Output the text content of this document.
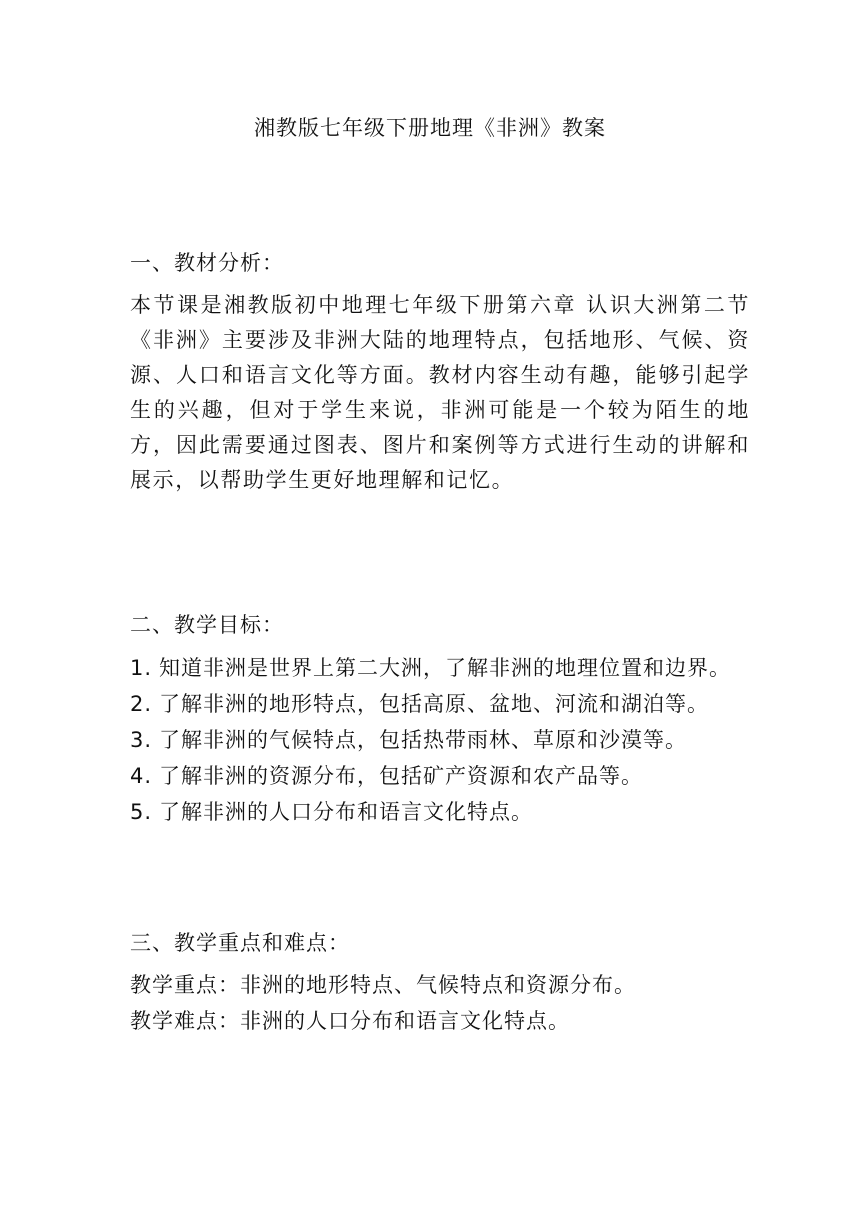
湘教版七年级下册地理《非洲》教案

一、教材分析：

本节课是湘教版初中地理七年级下册第六章 认识大洲第二节 《非洲》主要涉及非洲大陆的地理特点，包括地形、气候、资源、人口和语言文化等方面。教材内容生动有趣，能够引起学生的兴趣，但对于学生来说，非洲可能是一个较为陌生的地方，因此需要通过图表、图片和案例等方式进行生动的讲解和展示，以帮助学生更好地理解和记忆。

二、教学目标：

1. 知道非洲是世界上第二大洲，了解非洲的地理位置和边界。

2. 了解非洲的地形特点，包括高原、盆地、河流和湖泊等。

3. 了解非洲的气候特点，包括热带雨林、草原和沙漠等。

4. 了解非洲的资源分布，包括矿产资源和农产品等。

5. 了解非洲的人口分布和语言文化特点。

三、教学重点和难点：

教学重点：非洲的地形特点、气候特点和资源分布。

教学难点：非洲的人口分布和语言文化特点。
